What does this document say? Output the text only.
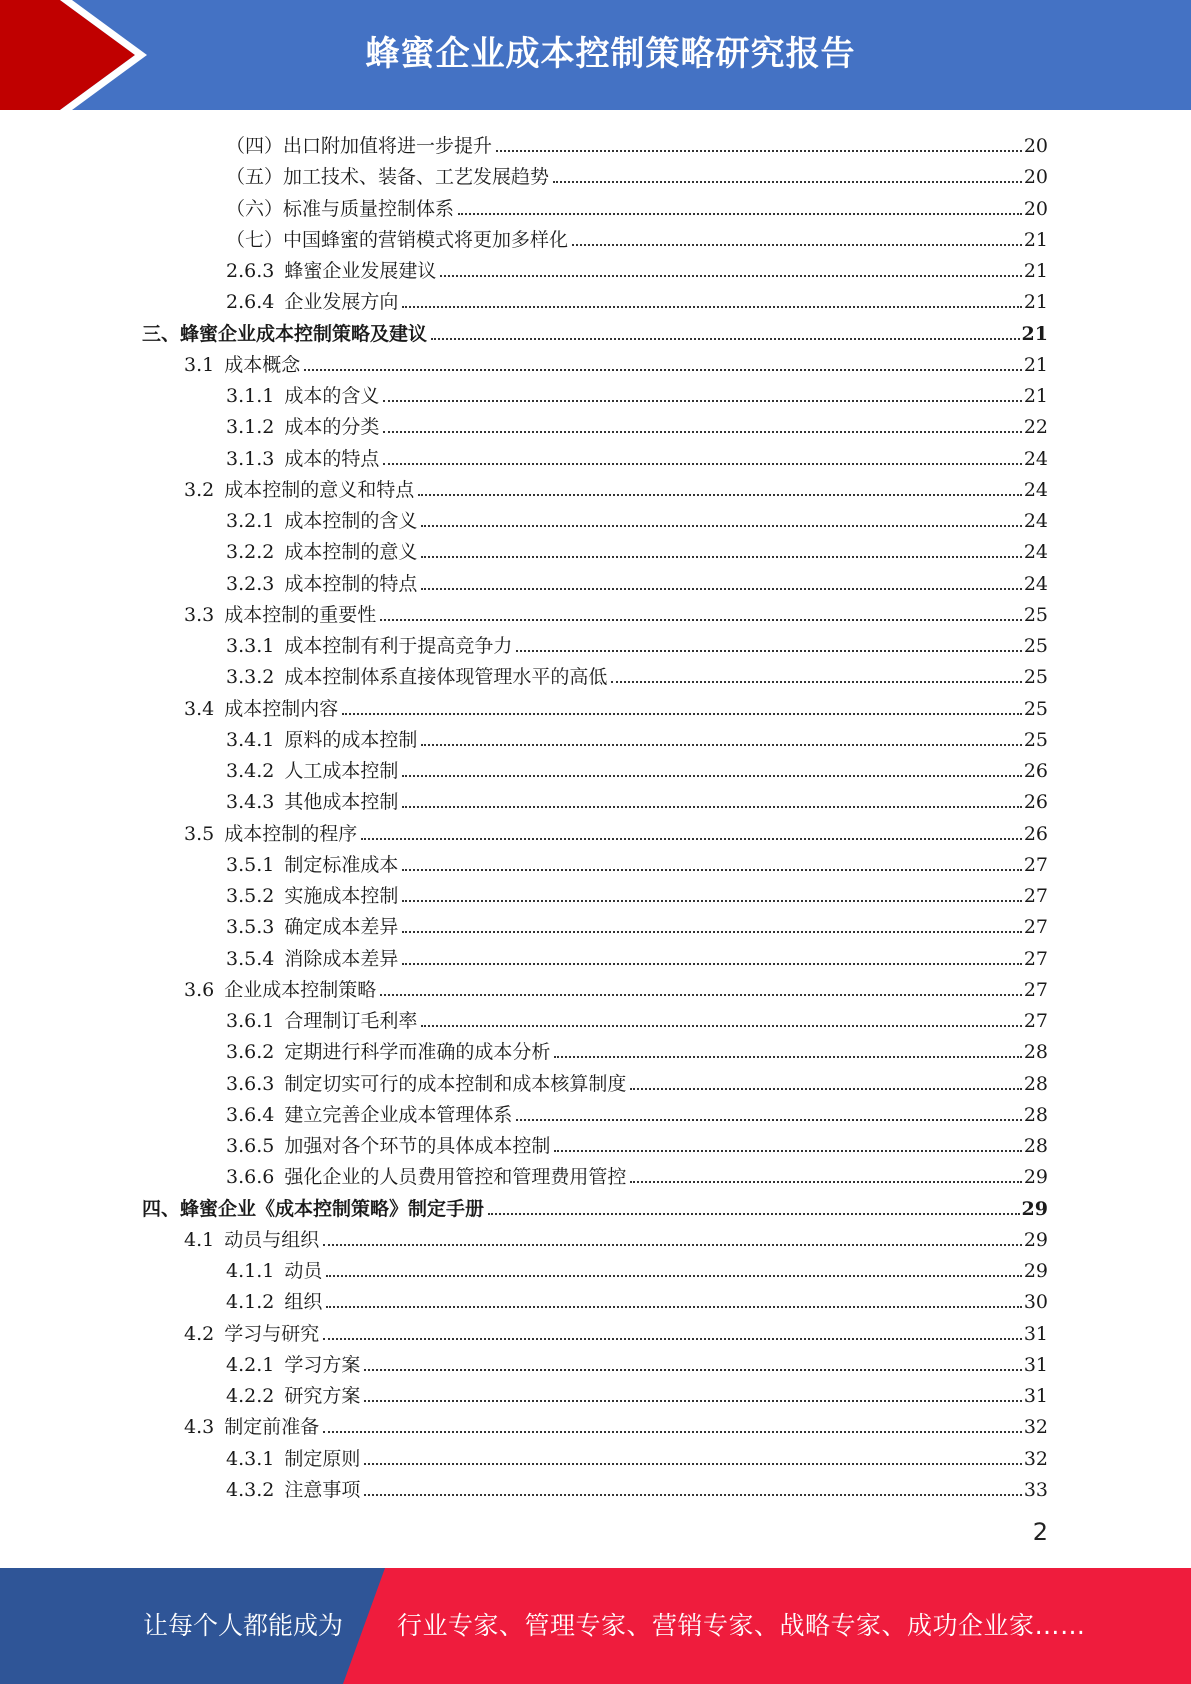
蜂蜜企业成本控制策略研究报告
（四）出口附加值将进一步提升	20
（五）加工技术、装备、工艺发展趋势	20
（六）标准与质量控制体系	20
（七）中国蜂蜜的营销模式将更加多样化	21
2.6.3 蜂蜜企业发展建议	21
2.6.4 企业发展方向	21
三、蜂蜜企业成本控制策略及建议	21
3.1 成本概念	21
3.1.1 成本的含义	21
3.1.2 成本的分类	22
3.1.3 成本的特点	24
3.2 成本控制的意义和特点	24
3.2.1 成本控制的含义	24
3.2.2 成本控制的意义	24
3.2.3 成本控制的特点	24
3.3 成本控制的重要性	25
3.3.1 成本控制有利于提高竞争力	25
3.3.2 成本控制体系直接体现管理水平的高低	25
3.4 成本控制内容	25
3.4.1 原料的成本控制	25
3.4.2 人工成本控制	26
3.4.3 其他成本控制	26
3.5 成本控制的程序	26
3.5.1 制定标准成本	27
3.5.2 实施成本控制	27
3.5.3 确定成本差异	27
3.5.4 消除成本差异	27
3.6 企业成本控制策略	27
3.6.1 合理制订毛利率	27
3.6.2 定期进行科学而准确的成本分析	28
3.6.3 制定切实可行的成本控制和成本核算制度	28
3.6.4 建立完善企业成本管理体系	28
3.6.5 加强对各个环节的具体成本控制	28
3.6.6 强化企业的人员费用管控和管理费用管控	29
四、蜂蜜企业《成本控制策略》制定手册	29
4.1 动员与组织	29
4.1.1 动员	29
4.1.2 组织	30
4.2 学习与研究	31
4.2.1 学习方案	31
4.2.2 研究方案	31
4.3 制定前准备	32
4.3.1 制定原则	32
4.3.2 注意事项	33
2
让每个人都能成为 行业专家、管理专家、营销专家、战略专家、成功企业家……
